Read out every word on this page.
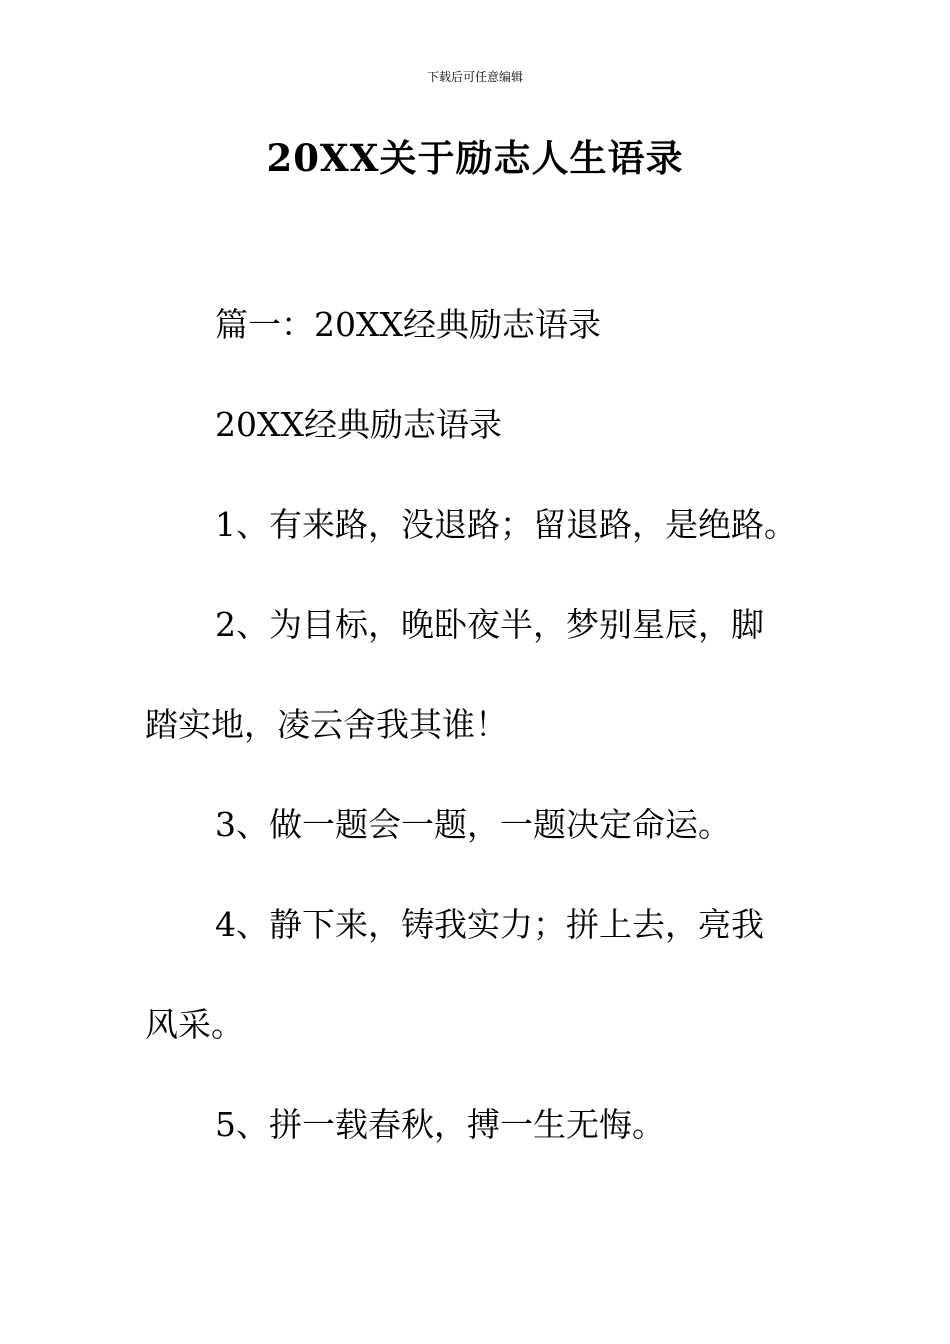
下载后可任意编辑
20XX关于励志人生语录

篇一：20XX经典励志语录

20XX经典励志语录

1、有来路，没退路；留退路，是绝路。

2、为目标，晚卧夜半，梦别星辰，脚
踏实地，凌云舍我其谁！

3、做一题会一题，一题决定命运。

4、静下来，铸我实力；拼上去，亮我
风采。

5、拼一载春秋，搏一生无悔。
